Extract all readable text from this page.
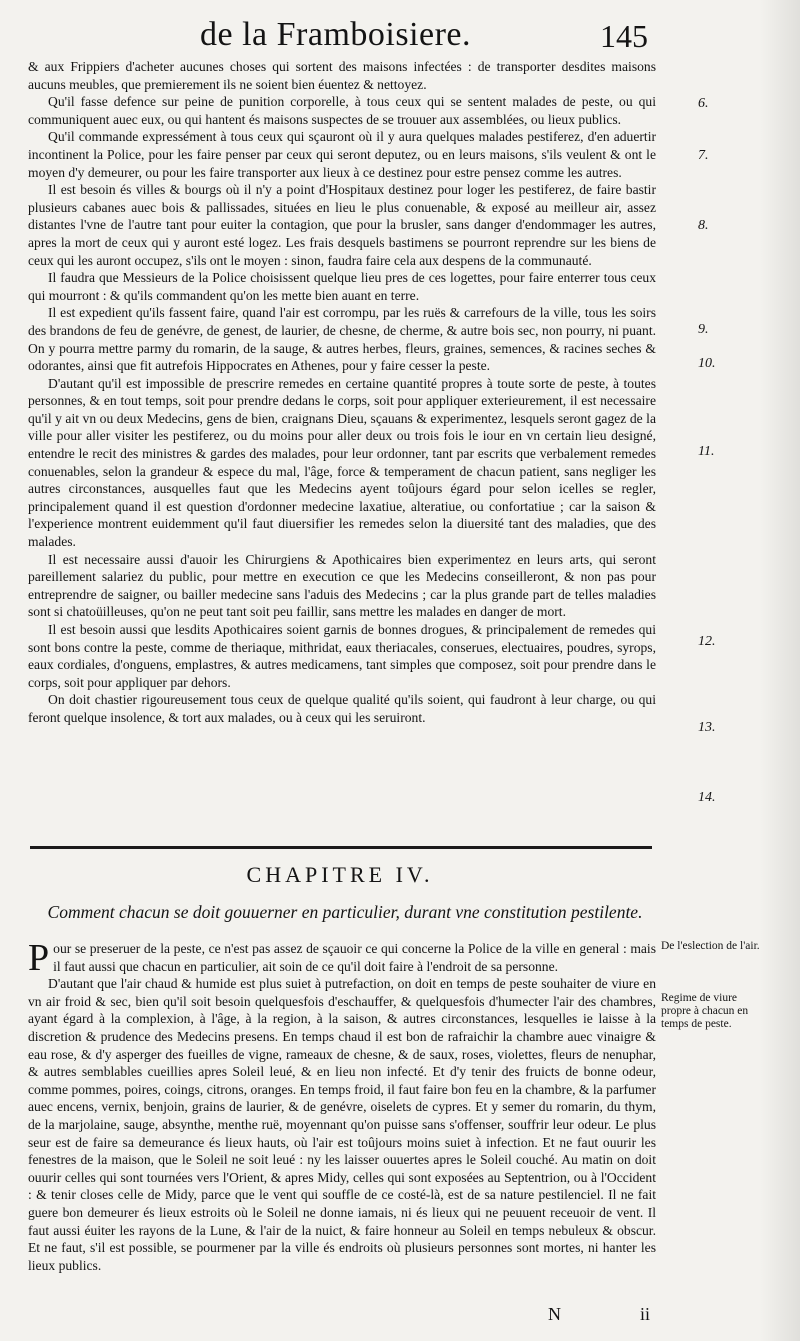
de la Framboisiere.	145

& aux Frippiers d'acheter aucunes choses qui sortent des maisons infectées : de transporter desdites maisons aucuns meubles, que premierement ils ne soient bien éuentez & nettoyez.

Qu'il fasse defence sur peine de punition corporelle, à tous ceux qui se sentent malades de peste, ou qui communiquent auec eux, ou qui hantent és maisons suspectes de se trouuer aux assemblées, ou lieux publics.

Qu'il commande expressément à tous ceux qui sçauront où il y aura quelques malades pestiferez, d'en aduertir incontinent la Police, pour les faire penser par ceux qui seront deputez, ou en leurs maisons, s'ils veulent & ont le moyen d'y demeurer, ou pour les faire transporter aux lieux à ce destinez pour estre pensez comme les autres.

Il est besoin és villes & bourgs où il n'y a point d'Hospitaux destinez pour loger les pestiferez, de faire bastir plusieurs cabanes auec bois & pallissades, situées en lieu le plus conuenable, & exposé au meilleur air, assez distantes l'vne de l'autre tant pour euiter la contagion, que pour la brusler, sans danger d'endommager les autres, apres la mort de ceux qui y auront esté logez. Les frais desquels bastimens se pourront reprendre sur les biens de ceux qui les auront occupez, s'ils ont le moyen : sinon, faudra faire cela aux despens de la communauté.

Il faudra que Messieurs de la Police choisissent quelque lieu pres de ces logettes, pour faire enterrer tous ceux qui mourront : & qu'ils commandent qu'on les mette bien auant en terre.

Il est expedient qu'ils fassent faire, quand l'air est corrompu, par les ruës & carrefours de la ville, tous les soirs des brandons de feu de genévre, de genest, de laurier, de chesne, de cherme, & autre bois sec, non pourry, ni puant. On y pourra mettre parmy du romarin, de la sauge, & autres herbes, fleurs, graines, semences, & racines seches & odorantes, ainsi que fit autrefois Hippocrates en Athenes, pour y faire cesser la peste.

D'autant qu'il est impossible de prescrire remedes en certaine quantité propres à toute sorte de peste, à toutes personnes, & en tout temps, soit pour prendre dedans le corps, soit pour appliquer exterieurement, il est necessaire qu'il y ait vn ou deux Medecins, gens de bien, craignans Dieu, sçauans & experimentez, lesquels seront gagez de la ville pour aller visiter les pestiferez, ou du moins pour aller deux ou trois fois le iour en vn certain lieu designé, entendre le recit des ministres & gardes des malades, pour leur ordonner, tant par escrits que verbalement remedes conuenables, selon la grandeur & espece du mal, l'âge, force & temperament de chacun patient, sans negliger les autres circonstances, ausquelles faut que les Medecins ayent toûjours égard pour selon icelles se regler, principalement quand il est question d'ordonner medecine laxatiue, alteratiue, ou confortatiue ; car la saison & l'experience montrent euidemment qu'il faut diuersifier les remedes selon la diuersité tant des maladies, que des malades.

Il est necessaire aussi d'auoir les Chirurgiens & Apothicaires bien experimentez en leurs arts, qui seront pareillement salariez du public, pour mettre en execution ce que les Medecins conseilleront, & non pas pour entreprendre de saigner, ou bailler medecine sans l'aduis des Medecins ; car la plus grande part de telles maladies sont si chatoüilleuses, qu'on ne peut tant soit peu faillir, sans mettre les malades en danger de mort.

Il est besoin aussi que lesdits Apothicaires soient garnis de bonnes drogues, & principalement de remedes qui sont bons contre la peste, comme de theriaque, mithridat, eaux theriacales, conserues, electuaires, poudres, syrops, eaux cordiales, d'onguens, emplastres, & autres medicamens, tant simples que composez, soit pour prendre dans le corps, soit pour appliquer par dehors.

On doit chastier rigoureusement tous ceux de quelque qualité qu'ils soient, qui faudront à leur charge, ou qui feront quelque insolence, & tort aux malades, ou à ceux qui les seruiront.

6.
7.
8.
9.
10.
11.
12.
13.
14.
CHAPITRE IV.
Comment chacun se doit gouuerner en particulier, durant vne constitution pestilente.

Pour se preseruer de la peste, ce n'est pas assez de sçauoir ce qui concerne la Police de la ville en general : mais il faut aussi que chacun en particulier, ait soin de ce qu'il doit faire à l'endroit de sa personne.

D'autant que l'air chaud & humide est plus suiet à putrefaction, on doit en temps de peste souhaiter de viure en vn air froid & sec, bien qu'il soit besoin quelquesfois d'eschauffer, & quelquesfois d'humecter l'air des chambres, ayant égard à la complexion, à l'âge, à la region, à la saison, & autres circonstances, lesquelles ie laisse à la discretion & prudence des Medecins presens. En temps chaud il est bon de rafraichir la chambre auec vinaigre & eau rose, & d'y asperger des fueilles de vigne, rameaux de chesne, & de saux, roses, violettes, fleurs de nenuphar, & autres semblables cueillies apres Soleil leué, & en lieu non infecté. Et d'y tenir des fruicts de bonne odeur, comme pommes, poires, coings, citrons, oranges. En temps froid, il faut faire bon feu en la chambre, & la parfumer auec encens, vernix, benjoin, grains de laurier, & de genévre, oiselets de cypres. Et y semer du romarin, du thym, de la marjolaine, sauge, absynthe, menthe ruë, moyennant qu'on puisse sans s'offenser, souffrir leur odeur. Le plus seur est de faire sa demeurance és lieux hauts, où l'air est toûjours moins suiet à infection. Et ne faut ouurir les fenestres de la maison, que le Soleil ne soit leué : ny les laisser ouuertes apres le Soleil couché. Au matin on doit ouurir celles qui sont tournées vers l'Orient, & apres Midy, celles qui sont exposées au Septentrion, ou à l'Occident : & tenir closes celle de Midy, parce que le vent qui souffle de ce costé-là, est de sa nature pestilenciel. Il ne fait guere bon demeurer és lieux estroits où le Soleil ne donne iamais, ni és lieux qui ne peuuent receuoir de vent. Il faut aussi éuiter les rayons de la Lune, & l'air de la nuict, & faire honneur au Soleil en temps nebuleux & obscur. Et ne faut, s'il est possible, se pourmener par la ville és endroits où plusieurs personnes sont mortes, ni hanter les lieux publics.

De l'eslection de l'air.
Regime de viure propre à chacun en temps de peste.
N	ii
